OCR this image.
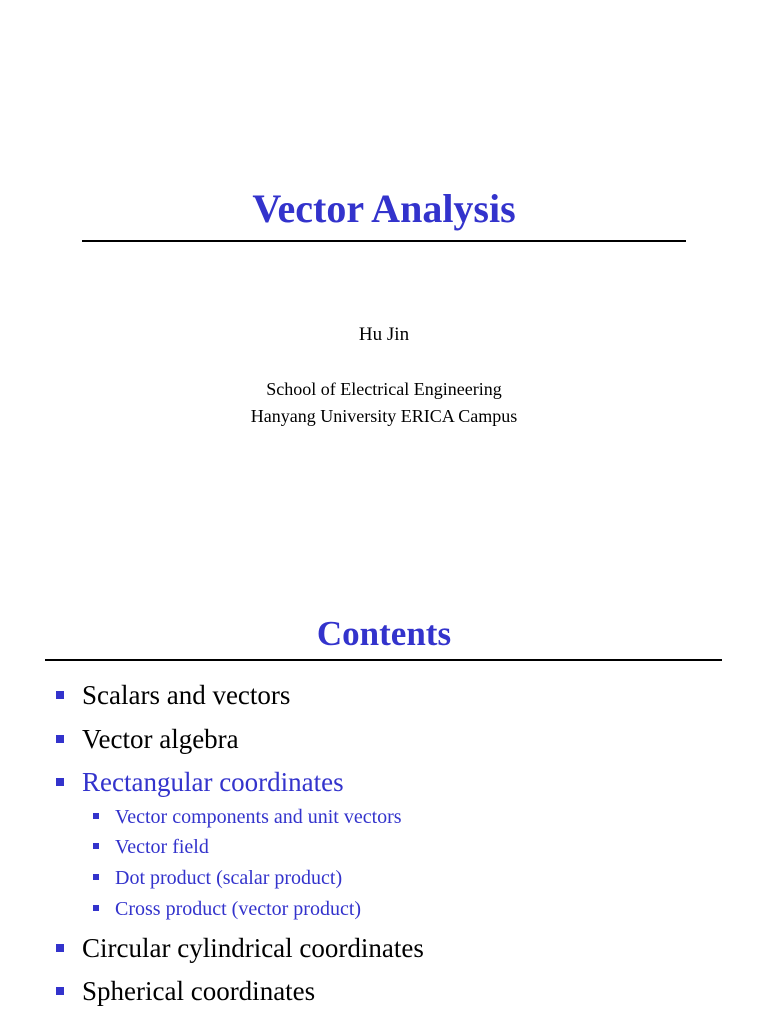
Vector Analysis
Hu Jin
School of Electrical Engineering
Hanyang University ERICA Campus
Contents
Scalars and vectors
Vector algebra
Rectangular coordinates
Vector components and unit vectors
Vector field
Dot product (scalar product)
Cross product (vector product)
Circular cylindrical coordinates
Spherical coordinates
